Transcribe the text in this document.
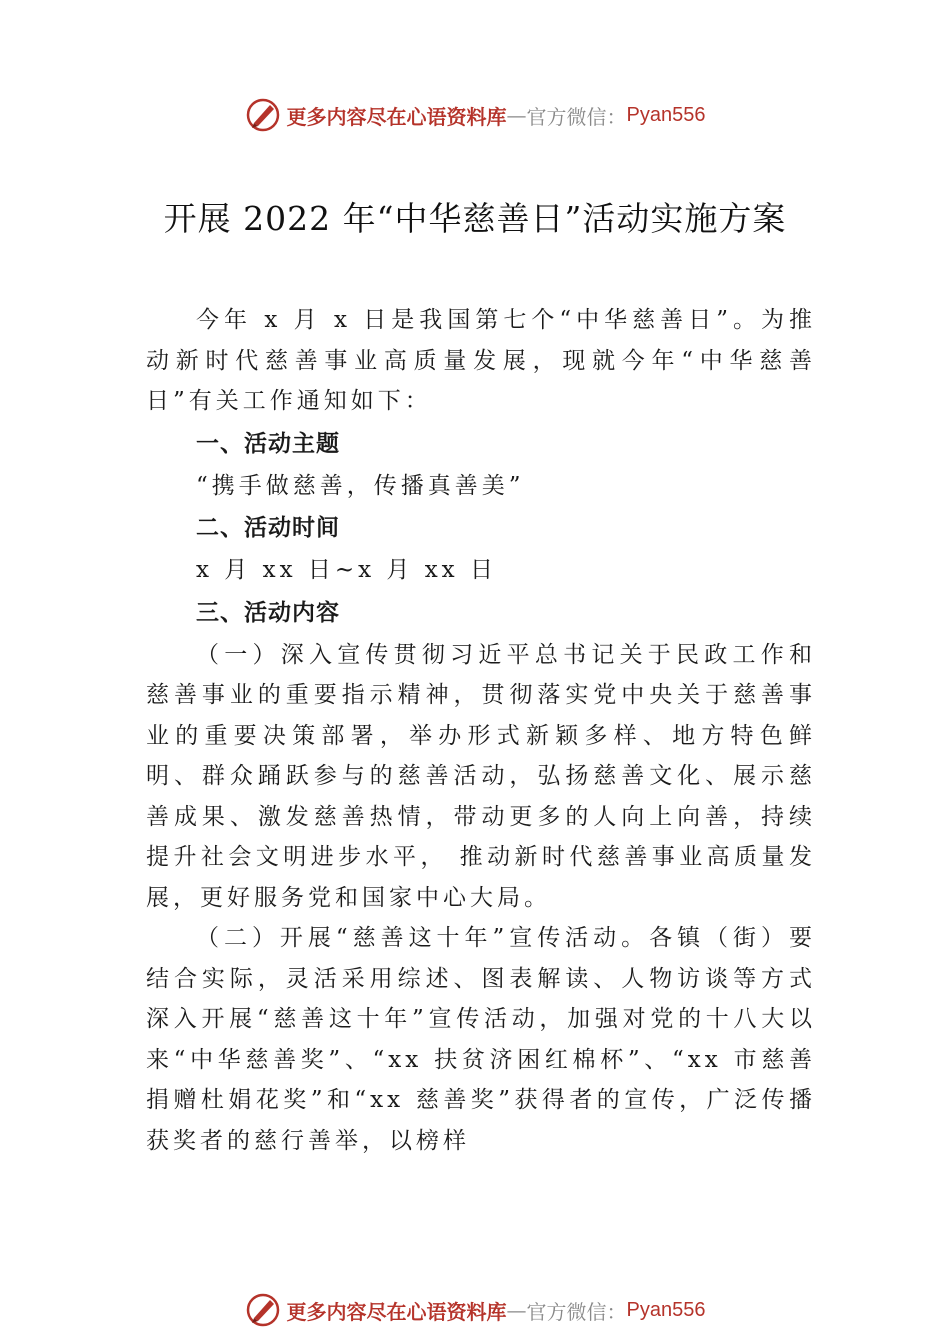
更多内容尽在心语资料库 — 官方微信： Pyan556
开展 2022 年“中华慈善日”活动实施方案

今年 x 月 x 日是我国第七个“中华慈善日”。为推动新时代慈善事业高质量发展，现就今年“中华慈善日”有关工作通知如下：

一、活动主题

“携手做慈善，传播真善美”

二、活动时间

x 月 xx 日~x 月 xx 日

三、活动内容

（一）深入宣传贯彻习近平总书记关于民政工作和慈善事业的重要指示精神，贯彻落实党中央关于慈善事业的重要决策部署，举办形式新颖多样、地方特色鲜明、群众踊跃参与的慈善活动，弘扬慈善文化、展示慈善成果、激发慈善热情，带动更多的人向上向善，持续提升社会文明进步水平， 推动新时代慈善事业高质量发展，更好服务党和国家中心大局。

（二）开展“慈善这十年”宣传活动。各镇（街）要结合实际，灵活采用综述、图表解读、人物访谈等方式深入开展“慈善这十年”宣传活动，加强对党的十八大以来“中华慈善奖”、“xx 扶贫济困红棉杯”、“xx 市慈善捐赠杜娟花奖”和“xx 慈善奖”获得者的宣传，广泛传播获奖者的慈行善举，以榜样

更多内容尽在心语资料库 — 官方微信： Pyan556
